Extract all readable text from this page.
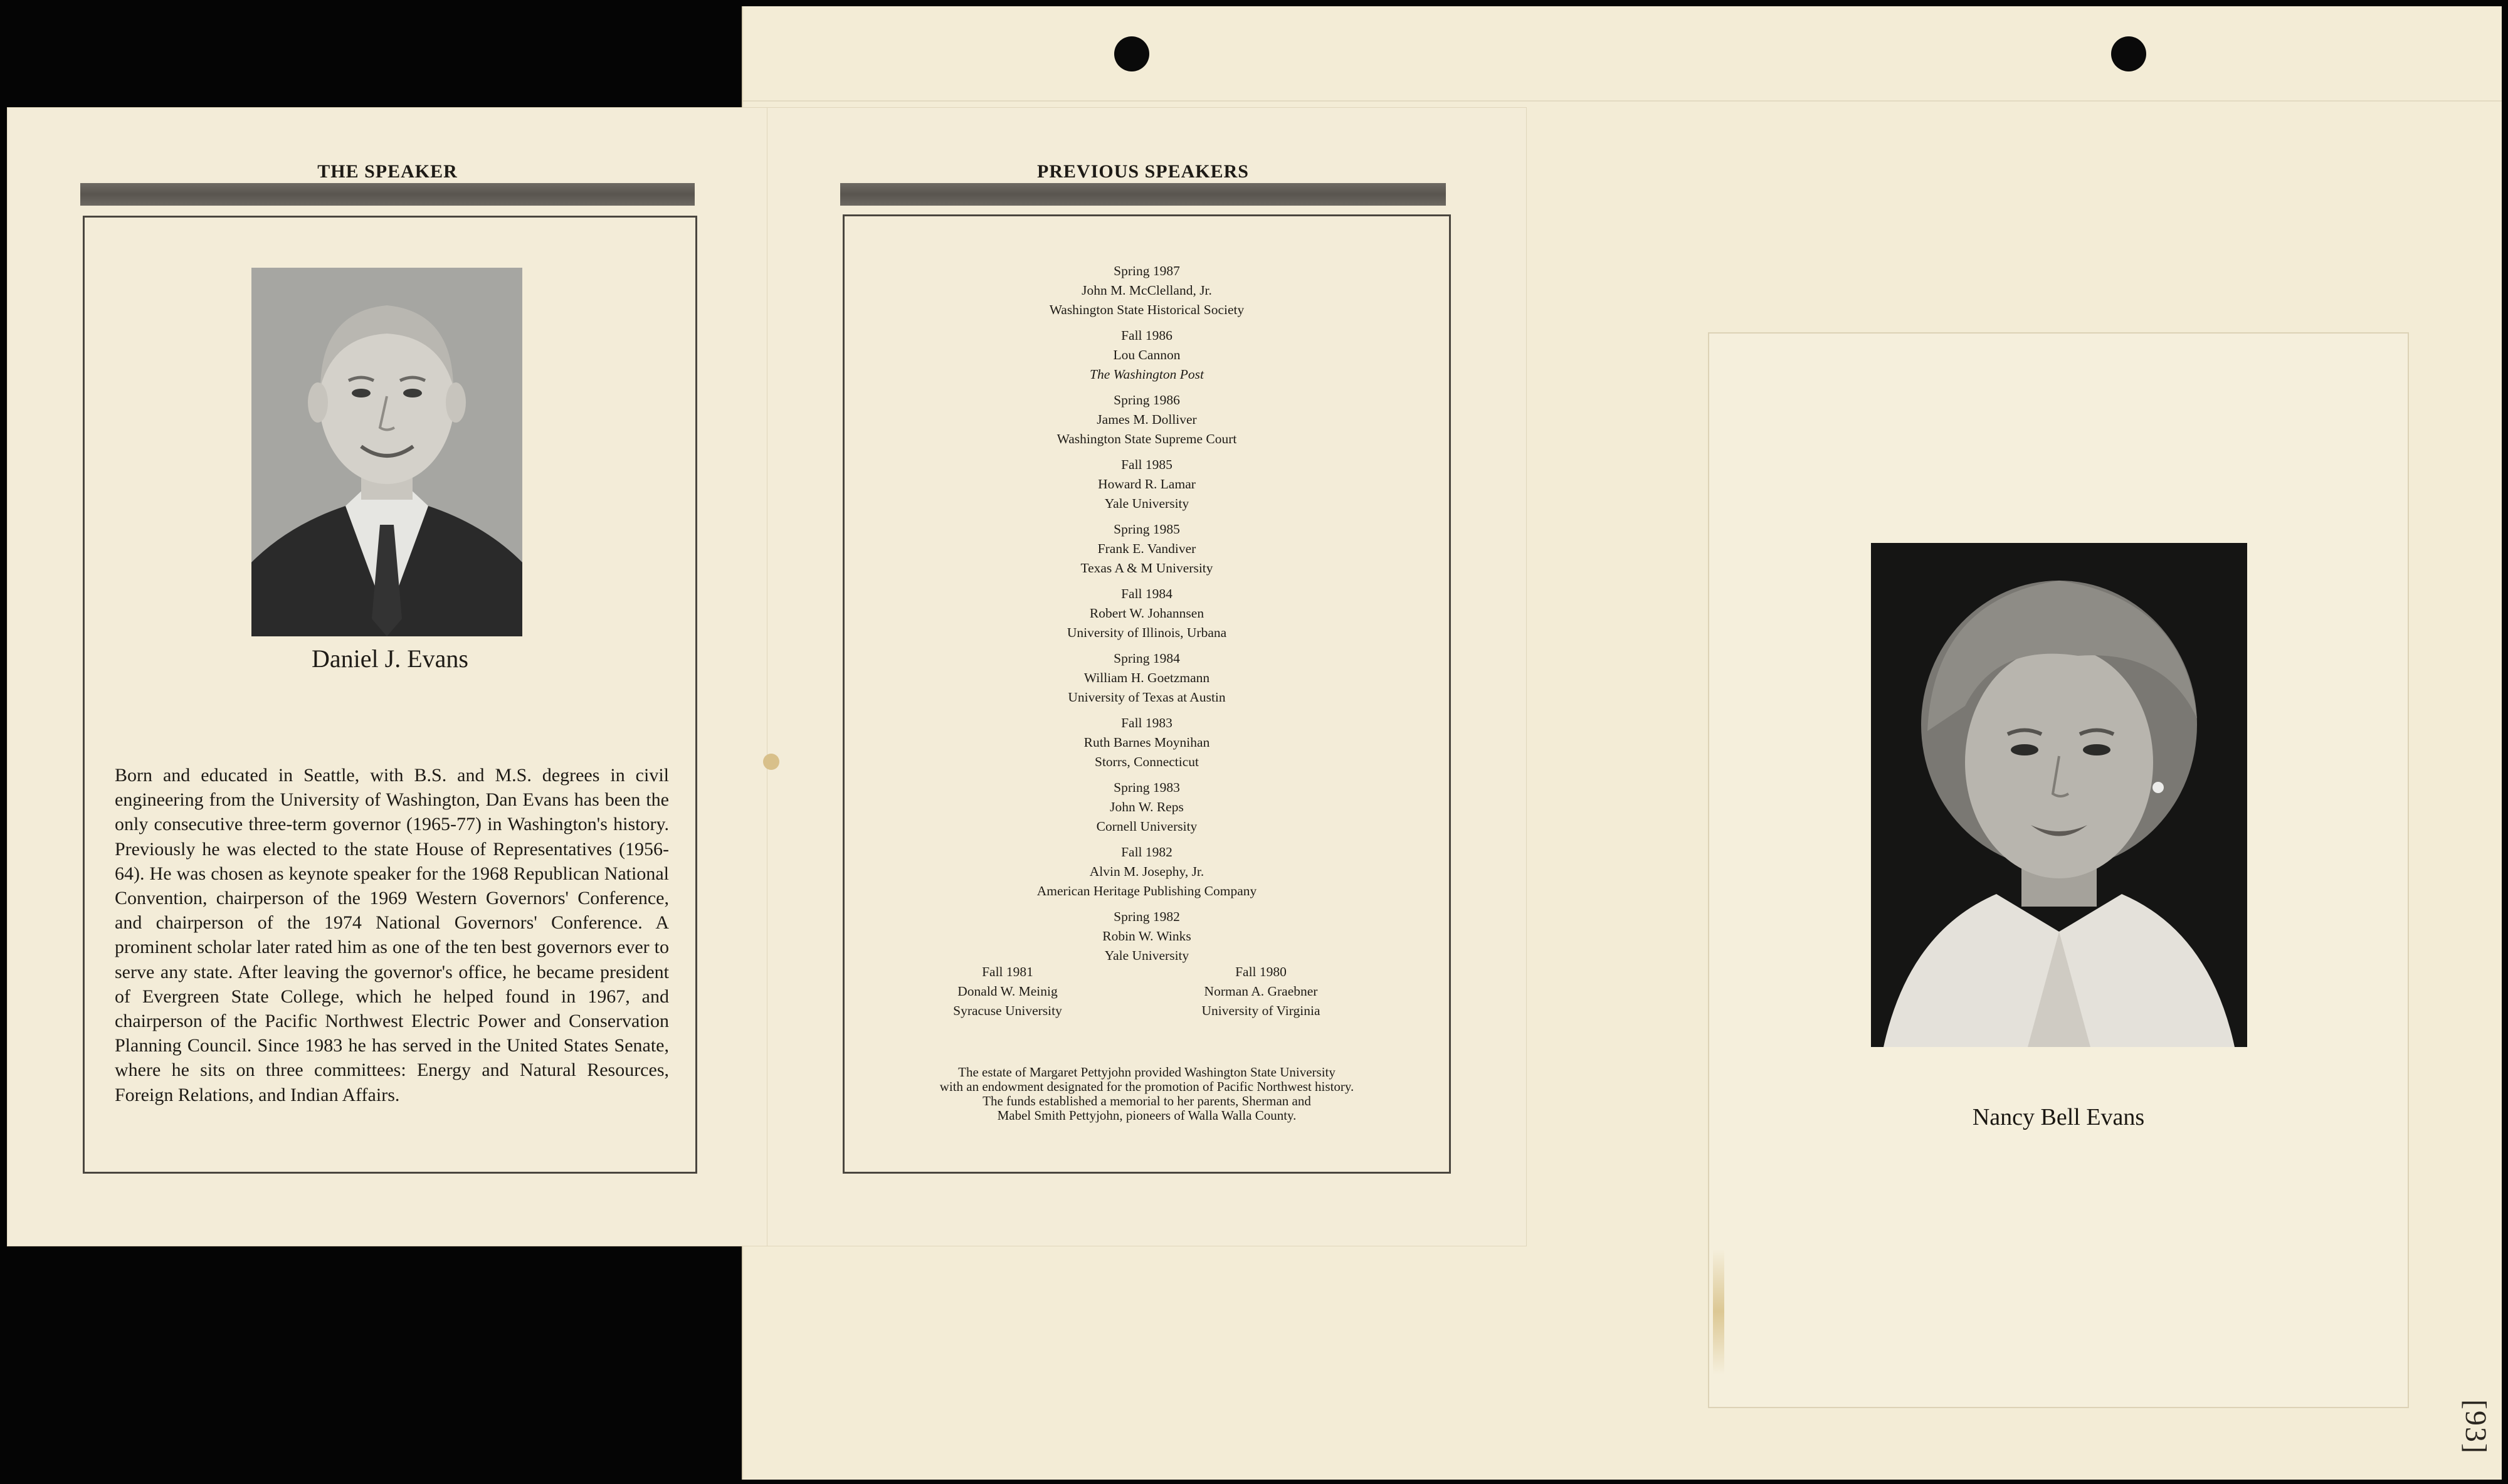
[93]
THE SPEAKER
Daniel J. Evans
Born and educated in Seattle, with B.S. and M.S. degrees in civil engineering from the University of Washington, Dan Evans has been the only consecutive three-term governor (1965-77) in Washington's history. Previously he was elected to the state House of Representatives (1956-64). He was chosen as keynote speaker for the 1968 Republican National Convention, chairperson of the 1969 Western Governors' Conference, and chairperson of the 1974 National Governors' Conference. A prominent scholar later rated him as one of the ten best governors ever to serve any state. After leaving the governor's office, he became president of Evergreen State College, which he helped found in 1967, and chairperson of the Pacific Northwest Electric Power and Conservation Planning Council. Since 1983 he has served in the United States Senate, where he sits on three committees: Energy and Natural Resources, Foreign Relations, and Indian Affairs.
PREVIOUS SPEAKERS
Spring 1987
John M. McClelland, Jr.
Washington State Historical Society
Fall 1986
Lou Cannon
The Washington Post
Spring 1986
James M. Dolliver
Washington State Supreme Court
Fall 1985
Howard R. Lamar
Yale University
Spring 1985
Frank E. Vandiver
Texas A & M University
Fall 1984
Robert W. Johannsen
University of Illinois, Urbana
Spring 1984
William H. Goetzmann
University of Texas at Austin
Fall 1983
Ruth Barnes Moynihan
Storrs, Connecticut
Spring 1983
John W. Reps
Cornell University
Fall 1982
Alvin M. Josephy, Jr.
American Heritage Publishing Company
Spring 1982
Robin W. Winks
Yale University
Fall 1981
Donald W. Meinig
Syracuse University
Fall 1980
Norman A. Graebner
University of Virginia
The estate of Margaret Pettyjohn provided Washington State University
with an endowment designated for the promotion of Pacific Northwest history.
The funds established a memorial to her parents, Sherman and
Mabel Smith Pettyjohn, pioneers of Walla Walla County.	Nancy Bell Evans
